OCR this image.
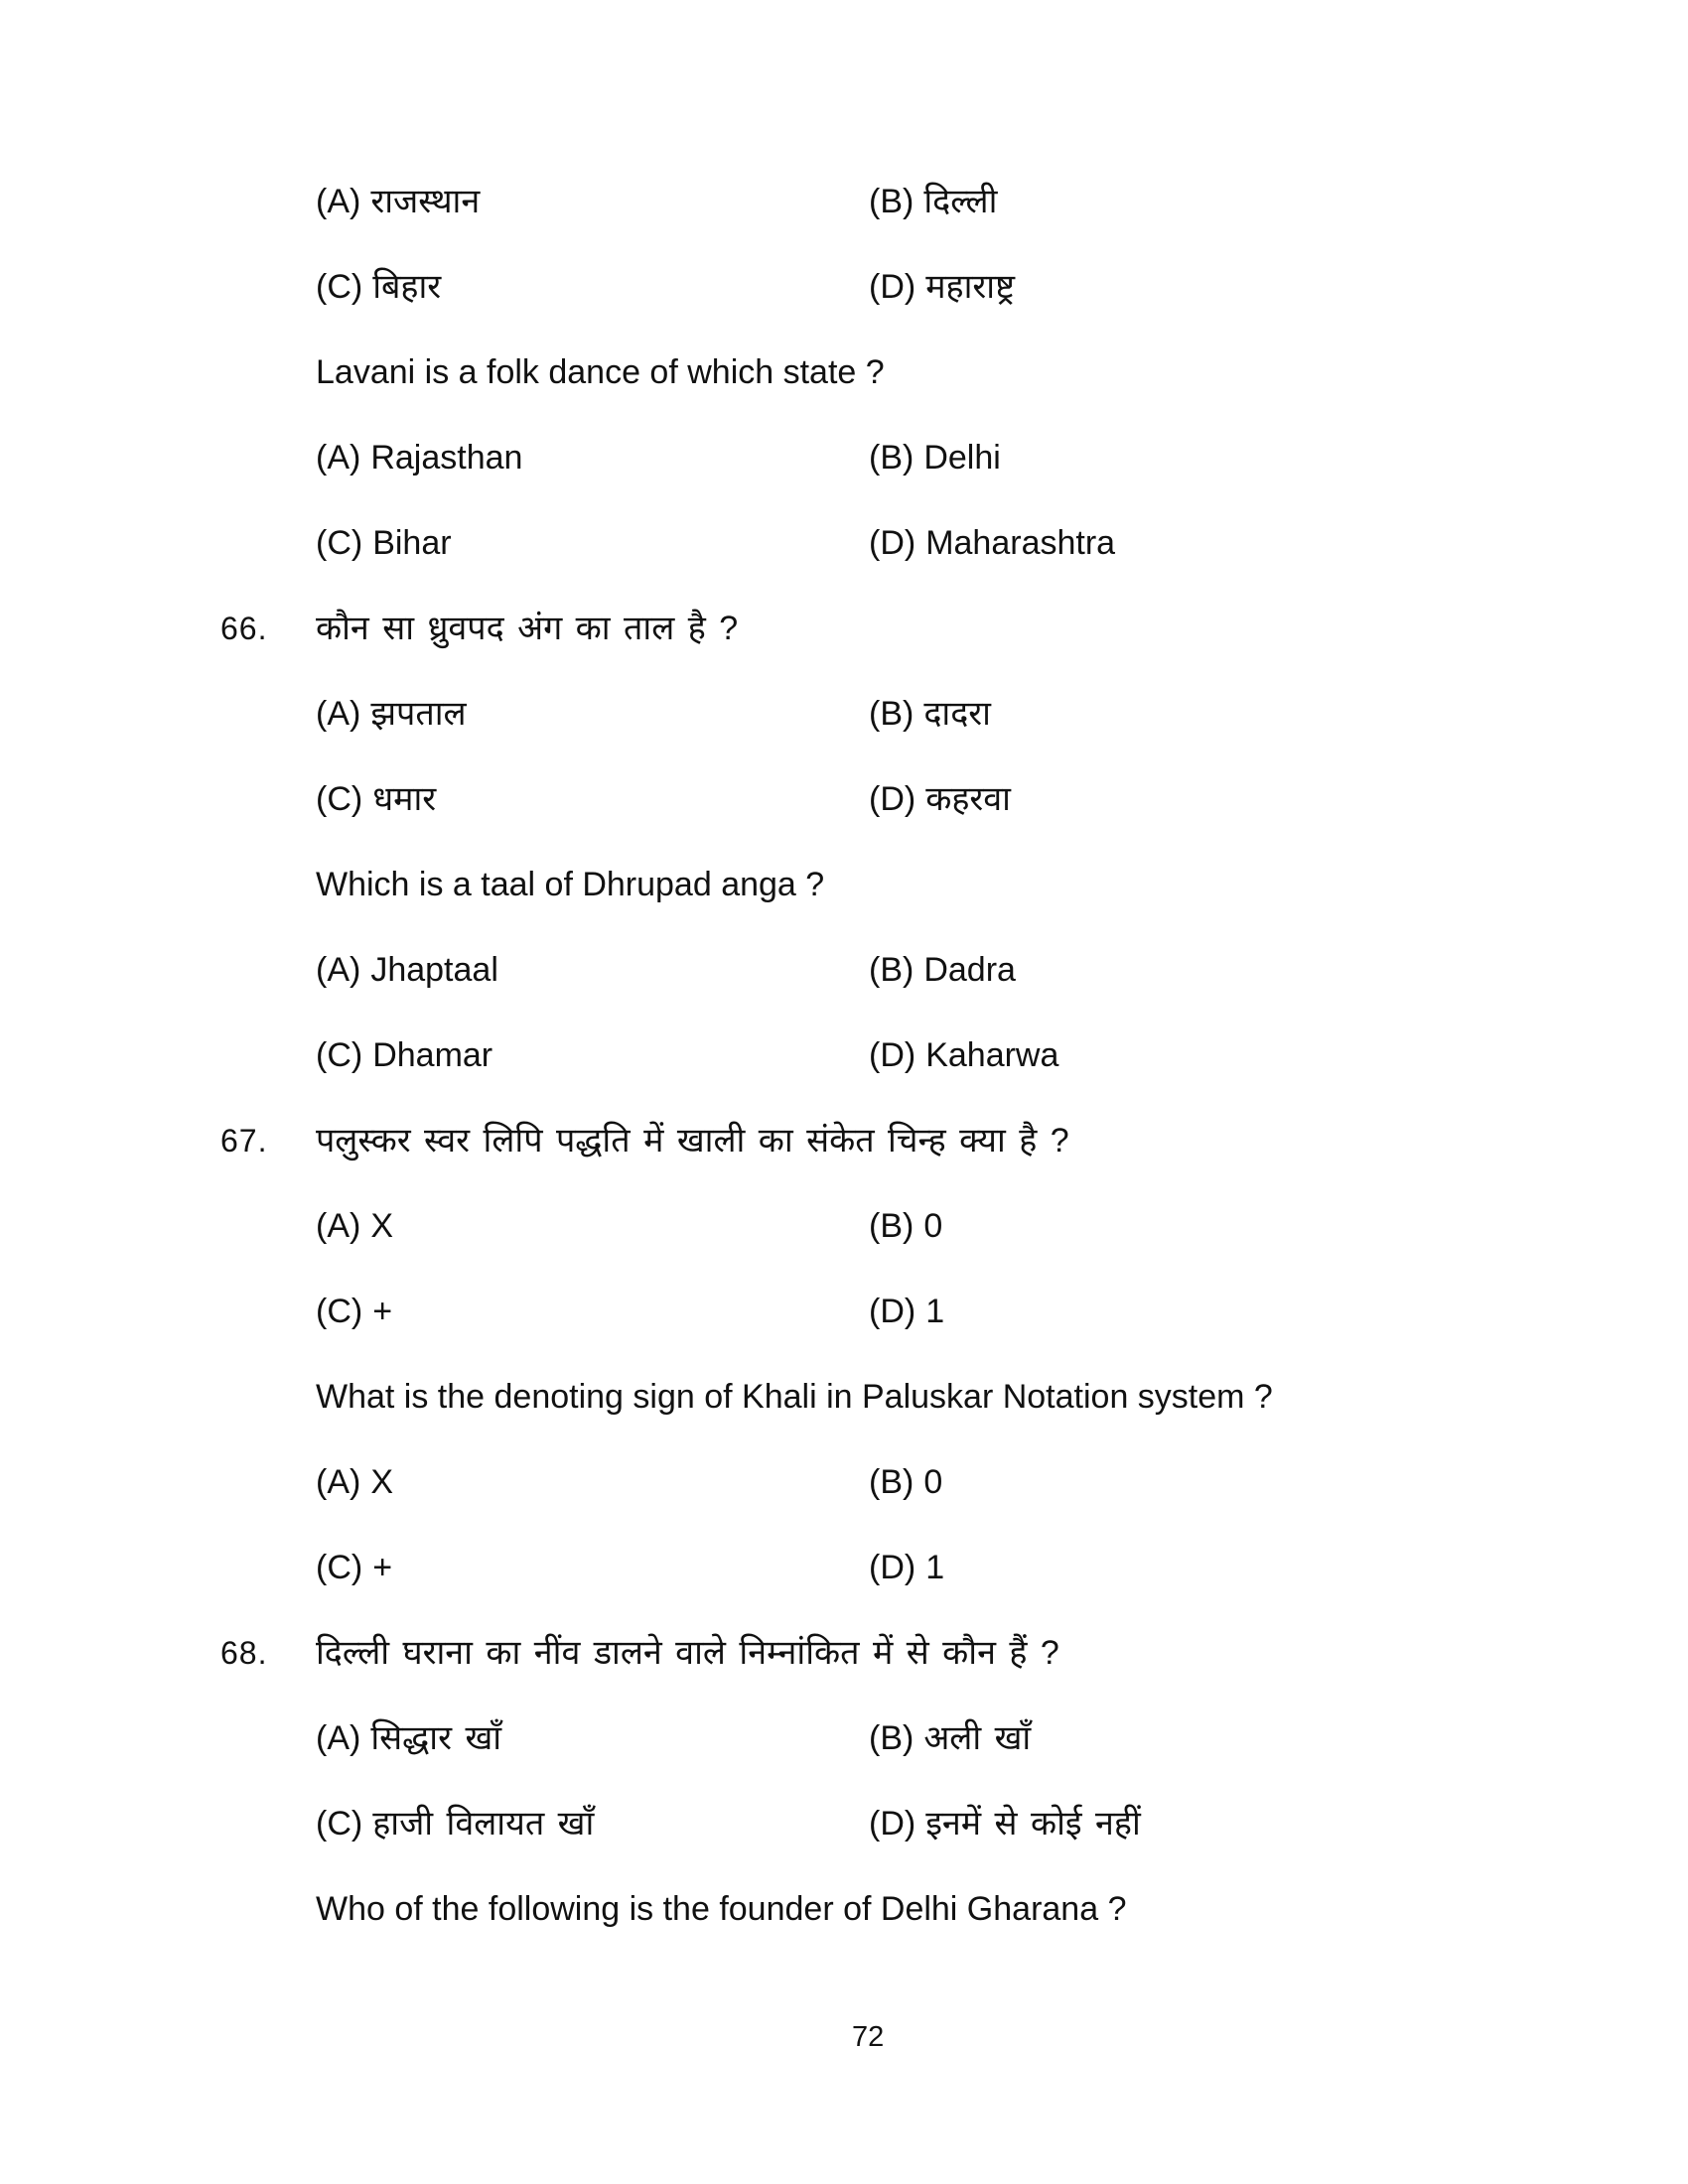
(A) राजस्थान	(B) दिल्ली
(C) बिहार	(D) महाराष्ट्र
Lavani is a folk dance of which state ?
(A) Rajasthan	(B) Delhi
(C) Bihar	(D) Maharashtra
66.	कौन सा ध्रुवपद अंग का ताल है ?
(A) झपताल	(B) दादरा
(C) धमार	(D) कहरवा
Which is a taal of Dhrupad anga ?
(A) Jhaptaal	(B) Dadra
(C) Dhamar	(D) Kaharwa
67.	पलुस्कर स्वर लिपि पद्धति में खाली का संकेत चिन्ह क्या है ?
(A) X	(B) 0
(C) +	(D) 1
What is the denoting sign of Khali in Paluskar Notation system ?
(A) X	(B) 0
(C) +	(D) 1
68.	दिल्ली घराना का नींव डालने वाले निम्नांकित में से कौन हैं ?
(A) सिद्धार खाँ	(B) अली खाँ
(C) हाजी विलायत खाँ	(D) इनमें से कोई नहीं
Who of the following is the founder of Delhi Gharana ?
72
